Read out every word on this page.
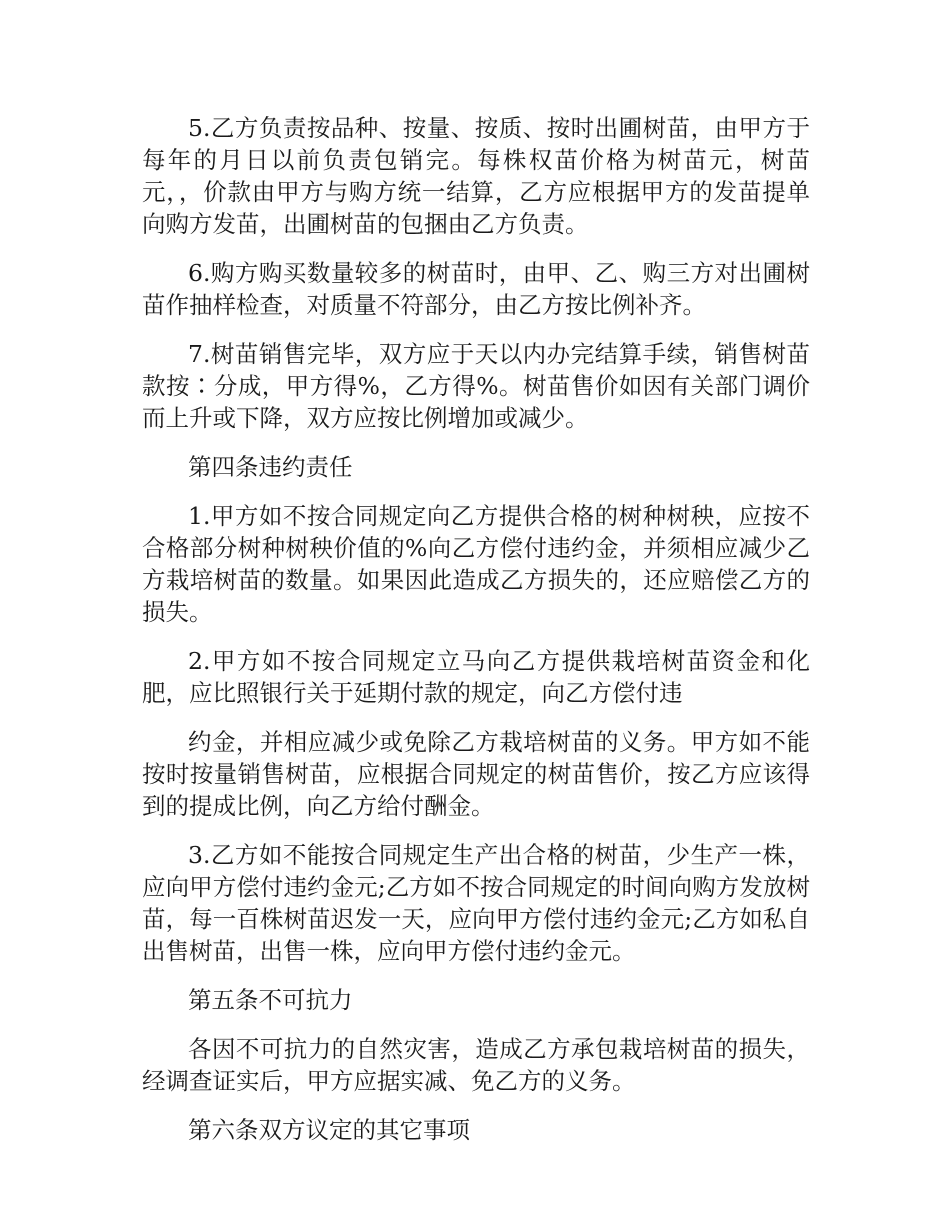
5.乙方负责按品种、按量、按质、按时出圃树苗，由甲方于每年的月日以前负责包销完。每株权苗价格为树苗元，树苗元，，价款由甲方与购方统一结算，乙方应根据甲方的发苗提单向购方发苗，出圃树苗的包捆由乙方负责。

6.购方购买数量较多的树苗时，由甲、乙、购三方对出圃树苗作抽样检查，对质量不符部分，由乙方按比例补齐。

7.树苗销售完毕，双方应于天以内办完结算手续，销售树苗款按∶分成，甲方得%，乙方得%。树苗售价如因有关部门调价而上升或下降，双方应按比例增加或减少。

第四条违约责任

1.甲方如不按合同规定向乙方提供合格的树种树秧，应按不合格部分树种树秧价值的%向乙方偿付违约金，并须相应减少乙方栽培树苗的数量。如果因此造成乙方损失的，还应赔偿乙方的损失。

2.甲方如不按合同规定立马向乙方提供栽培树苗资金和化肥，应比照银行关于延期付款的规定，向乙方偿付违

约金，并相应减少或免除乙方栽培树苗的义务。甲方如不能按时按量销售树苗，应根据合同规定的树苗售价，按乙方应该得到的提成比例，向乙方给付酬金。

3.乙方如不能按合同规定生产出合格的树苗，少生产一株，应向甲方偿付违约金元;乙方如不按合同规定的时间向购方发放树苗，每一百株树苗迟发一天，应向甲方偿付违约金元;乙方如私自出售树苗，出售一株，应向甲方偿付违约金元。

第五条不可抗力

各因不可抗力的自然灾害，造成乙方承包栽培树苗的损失，经调查证实后，甲方应据实减、免乙方的义务。

第六条双方议定的其它事项
